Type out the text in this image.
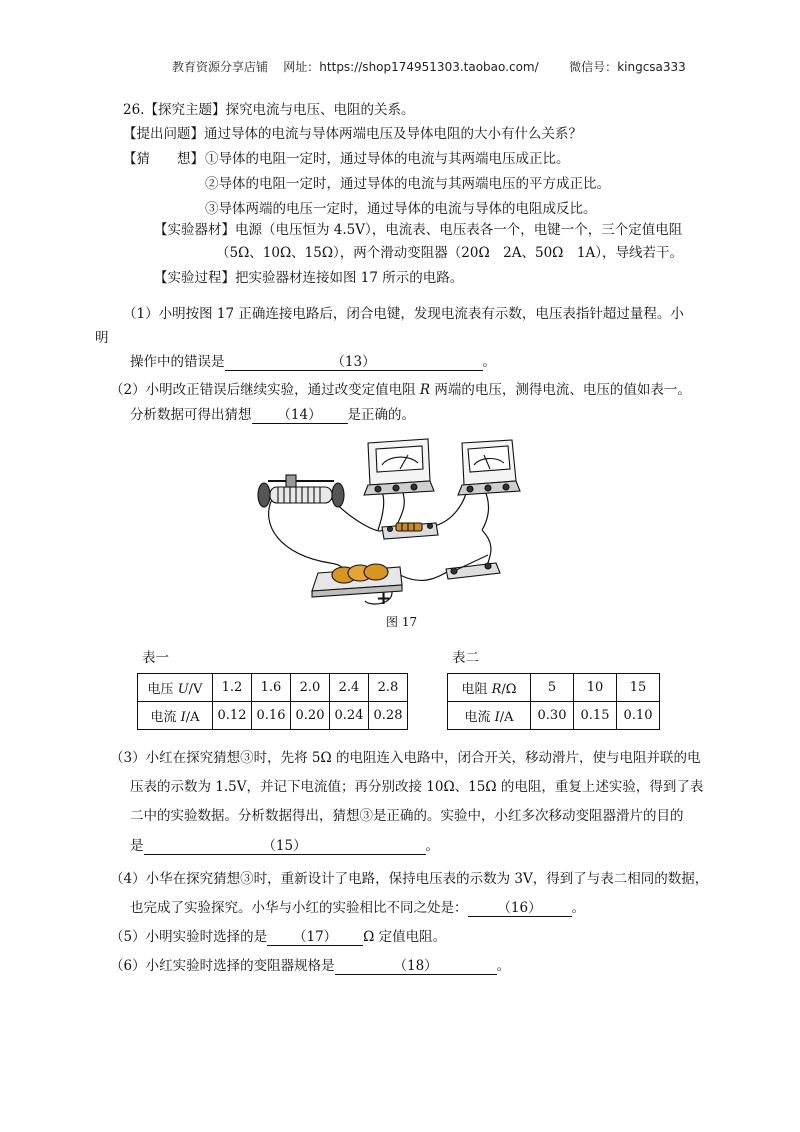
教育资源分享店铺 网址：https://shop174951303.taobao.com/	微信号：kingcsa333
26.【探究主题】探究电流与电压、电阻的关系。
【提出问题】通过导体的电流与导体两端电压及导体电阻的大小有什么关系？
【猜　　想】 ①导体的电阻一定时，通过导体的电流与其两端电压成正比。
②导体的电阻一定时，通过导体的电流与其两端电压的平方成正比。
③导体两端的电压一定时，通过导体的电流与导体的电阻成反比。
【实验器材】电源（电压恒为 4.5V），电流表、电压表各一个，电键一个，三个定值电阻
（5Ω、10Ω、15Ω），两个滑动变阻器（20Ω　2A、50Ω　1A），导线若干。
【实验过程】把实验器材连接如图 17 所示的电路。
（1）小明按图 17 正确连接电路后，闭合电键，发现电流表有示数，电压表指针超过量程。小
明
操作中的错误是	（13）	。
（2）小明改正错误后继续实验，通过改变定值电阻 R 两端的电压，测得电流、电压的值如表一。
分析数据可得出猜想 （14） 是正确的。
+
图 17
表一
电压 U/V	1.2	1.6	2.0	2.4	2.8
电流 I/A	0.12	0.16	0.20	0.24	0.28
表二
电阻 R/Ω	5	10	15
电流 I/A	0.30	0.15	0.10
（3）小红在探究猜想③时，先将 5Ω 的电阻连入电路中，闭合开关，移动滑片，使与电阻并联的电
压表的示数为 1.5V，并记下电流值；再分别改接 10Ω、15Ω 的电阻，重复上述实验，得到了表
二中的实验数据。分析数据得出，猜想③是正确的。实验中，小红多次移动变阻器滑片的目的
是	（15）	。
（4）小华在探究猜想③时，重新设计了电路，保持电压表的示数为 3V，得到了与表二相同的数据，
也完成了实验探究。小华与小红的实验相比不同之处是： （16） 。
（5）小明实验时选择的是 （17） Ω 定值电阻。
（6）小红实验时选择的变阻器规格是	（18）	。
